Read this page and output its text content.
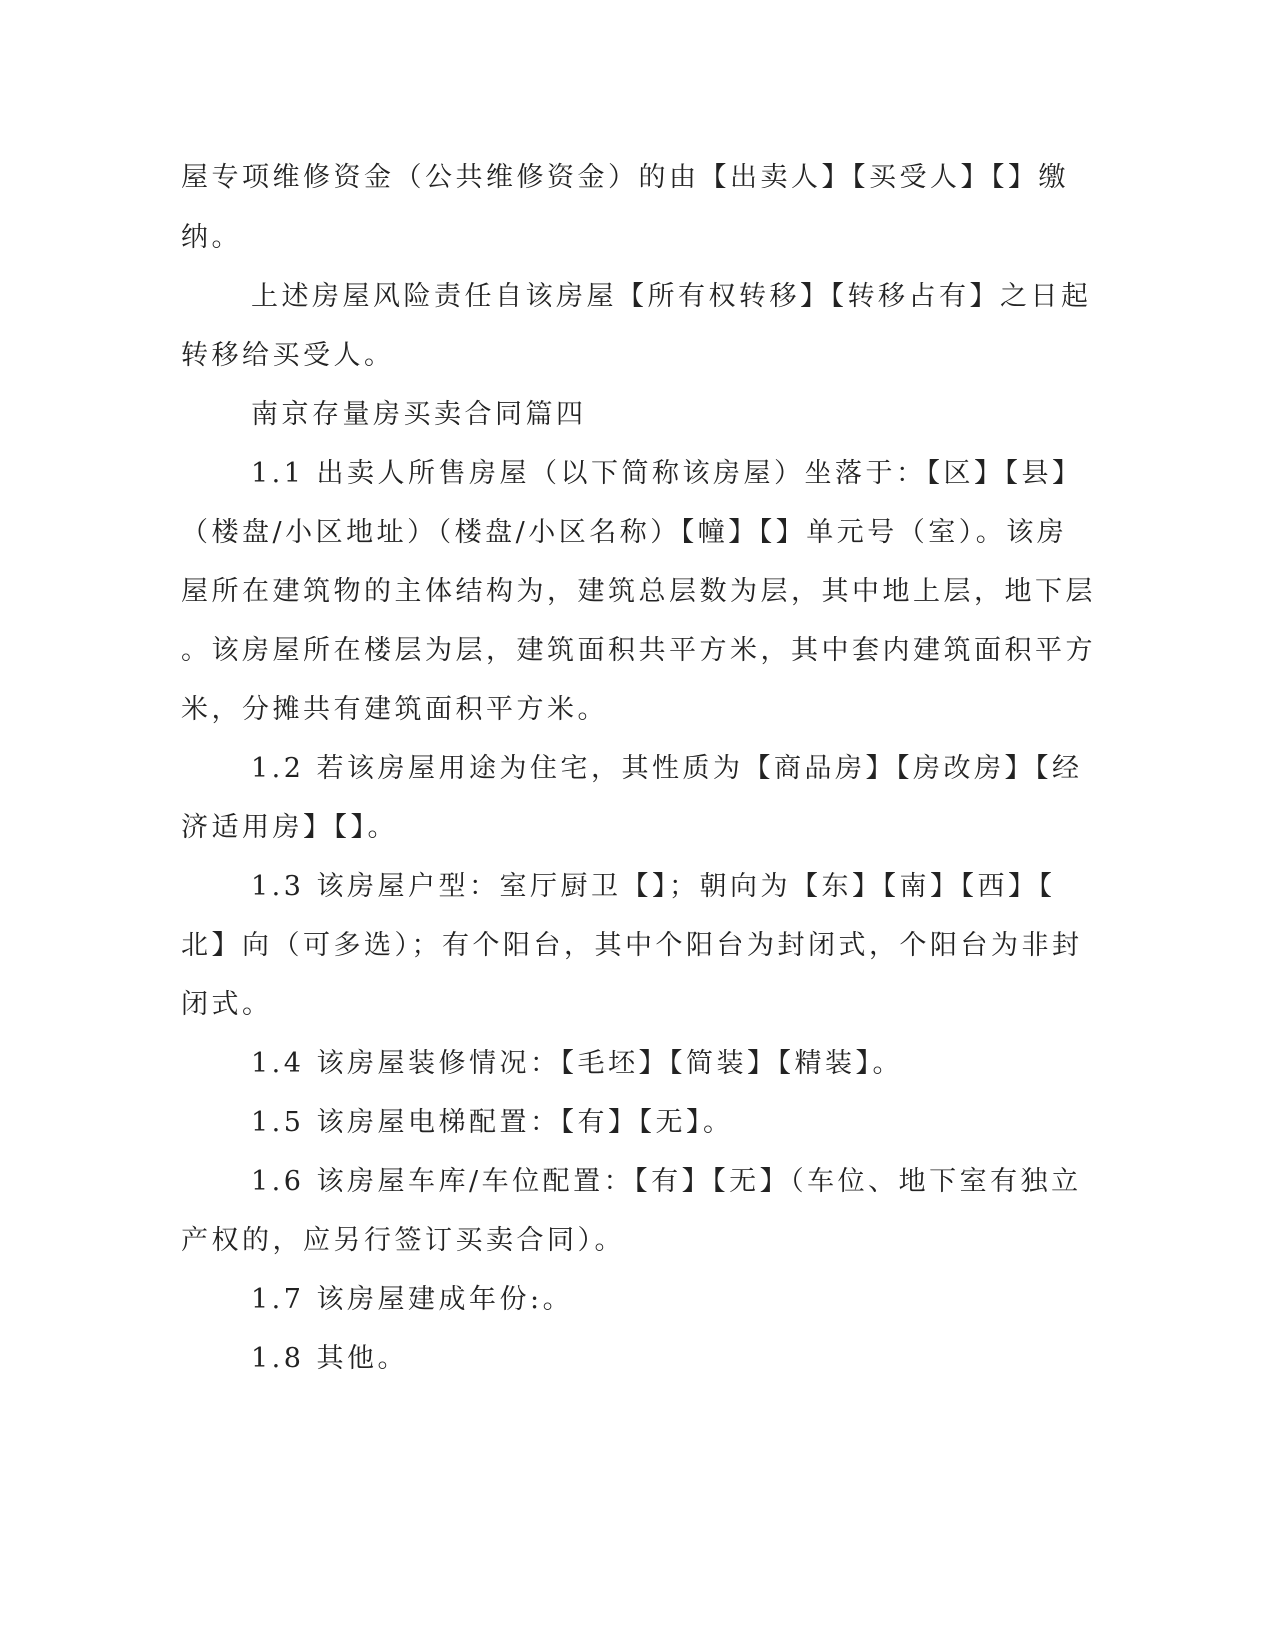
屋专项维修资金（公共维修资金）的由【出卖人】【买受人】【】缴
纳。
上述房屋风险责任自该房屋【所有权转移】【转移占有】之日起
转移给买受人。
南京存量房买卖合同篇四
1.1 出卖人所售房屋（以下简称该房屋）坐落于：【区】【县】
（楼盘/小区地址）（楼盘/小区名称）【幢】【】单元号（室）。该房
屋所在建筑物的主体结构为，建筑总层数为层，其中地上层，地下层
。该房屋所在楼层为层，建筑面积共平方米，其中套内建筑面积平方
米，分摊共有建筑面积平方米。
1.2 若该房屋用途为住宅，其性质为【商品房】【房改房】【经
济适用房】【】。
1.3 该房屋户型：室厅厨卫【】；朝向为【东】【南】【西】【
北】向（可多选）；有个阳台，其中个阳台为封闭式，个阳台为非封
闭式。
1.4 该房屋装修情况：【毛坯】【简装】【精装】。
1.5 该房屋电梯配置：【有】【无】。
1.6 该房屋车库/车位配置：【有】【无】（车位、地下室有独立
产权的，应另行签订买卖合同）。
1.7 该房屋建成年份:。
1.8 其他。
